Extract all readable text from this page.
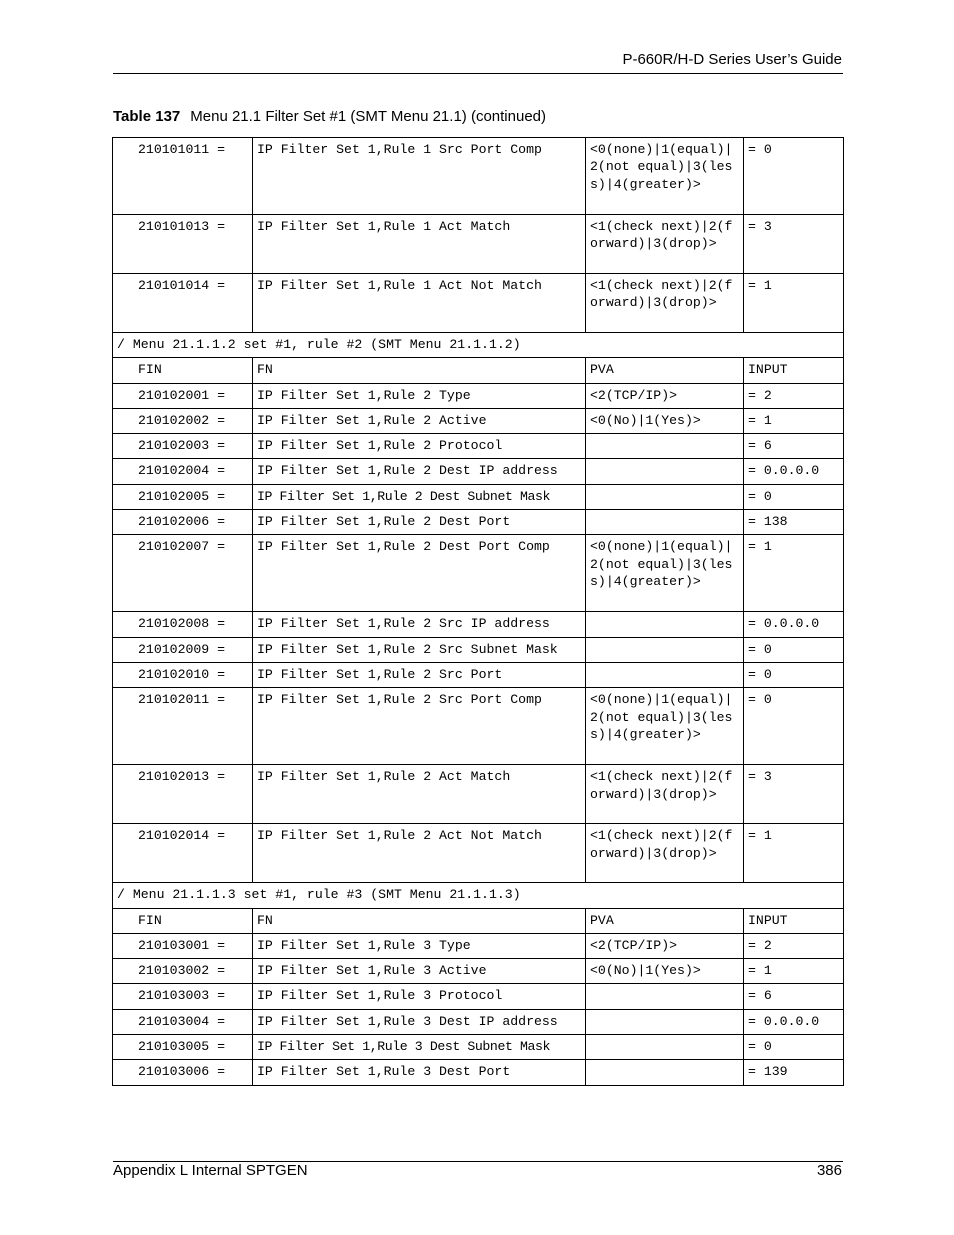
P-660R/H-D Series User’s Guide
Table 137 Menu 21.1 Filter Set #1 (SMT Menu 21.1) (continued)
210101011 =	IP Filter Set 1,Rule 1 Src Port Comp	<0(none)|1(equal)|2(not equal)|3(less)|4(greater)>	= 0
210101013 =	IP Filter Set 1,Rule 1 Act Match	<1(check next)|2(forward)|3(drop)>	= 3
210101014 =	IP Filter Set 1,Rule 1 Act Not Match	<1(check next)|2(forward)|3(drop)>	= 1
/ Menu 21.1.1.2 set #1, rule #2 (SMT Menu 21.1.1.2)			
FIN	FN	PVA	INPUT
210102001 =	IP Filter Set 1,Rule 2 Type	<2(TCP/IP)>	= 2
210102002 =	IP Filter Set 1,Rule 2 Active	<0(No)|1(Yes)>	= 1
210102003 =	IP Filter Set 1,Rule 2 Protocol		= 6
210102004 =	IP Filter Set 1,Rule 2 Dest IP address		= 0.0.0.0
210102005 =	IP Filter Set 1,Rule 2 Dest Subnet Mask		= 0
210102006 =	IP Filter Set 1,Rule 2 Dest Port		= 138
210102007 =	IP Filter Set 1,Rule 2 Dest Port Comp	<0(none)|1(equal)|2(not equal)|3(less)|4(greater)>	= 1
210102008 =	IP Filter Set 1,Rule 2 Src IP address		= 0.0.0.0
210102009 =	IP Filter Set 1,Rule 2 Src Subnet Mask		= 0
210102010 =	IP Filter Set 1,Rule 2 Src Port		= 0
210102011 =	IP Filter Set 1,Rule 2 Src Port Comp	<0(none)|1(equal)|2(not equal)|3(less)|4(greater)>	= 0
210102013 =	IP Filter Set 1,Rule 2 Act Match	<1(check next)|2(forward)|3(drop)>	= 3
210102014 =	IP Filter Set 1,Rule 2 Act Not Match	<1(check next)|2(forward)|3(drop)>	= 1
/ Menu 21.1.1.3 set #1, rule #3 (SMT Menu 21.1.1.3)			
FIN	FN	PVA	INPUT
210103001 =	IP Filter Set 1,Rule 3 Type	<2(TCP/IP)>	= 2
210103002 =	IP Filter Set 1,Rule 3 Active	<0(No)|1(Yes)>	= 1
210103003 =	IP Filter Set 1,Rule 3 Protocol		= 6
210103004 =	IP Filter Set 1,Rule 3 Dest IP address		= 0.0.0.0
210103005 =	IP Filter Set 1,Rule 3 Dest Subnet Mask		= 0
210103006 =	IP Filter Set 1,Rule 3 Dest Port		= 139
Appendix L Internal SPTGEN	386
